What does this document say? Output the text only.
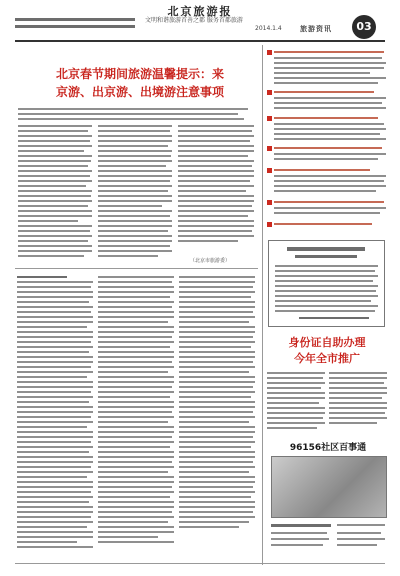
北京旅游报
文明和谐旅游首善之都 服务首都旅游
2014.1.4	旅游资讯	03
北京春节期间旅游温馨提示：来
京游、出京游、出境游注意事项
（北京市旅游委）
身份证自助办理
今年全市推广
96156社区百事通
